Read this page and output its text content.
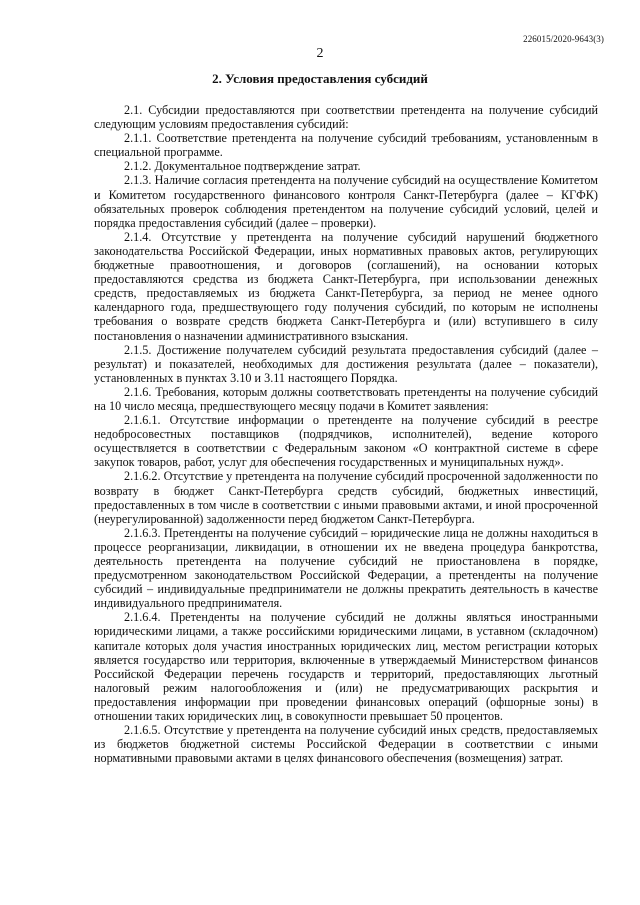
226015/2020-9643(3)
2
2. Условия предоставления субсидий

2.1. Субсидии предоставляются при соответствии претендента на получение субсидий следующим условиям предоставления субсидий:

2.1.1. Соответствие претендента на получение субсидий требованиям, установленным в специальной программе.

2.1.2. Документальное подтверждение затрат.

2.1.3. Наличие согласия претендента на получение субсидий на осуществление Комитетом и Комитетом государственного финансового контроля Санкт-Петербурга (далее – КГФК) обязательных проверок соблюдения претендентом на получение субсидий условий, целей и порядка предоставления субсидий (далее – проверки).

2.1.4. Отсутствие у претендента на получение субсидий нарушений бюджетного законодательства Российской Федерации, иных нормативных правовых актов, регулирующих бюджетные правоотношения, и договоров (соглашений), на основании которых предоставляются средства из бюджета Санкт-Петербурга, при использовании денежных средств, предоставляемых из бюджета Санкт-Петербурга, за период не менее одного календарного года, предшествующего году получения субсидий, по которым не исполнены требования о возврате средств бюджета Санкт-Петербурга и (или) вступившего в силу постановления о назначении административного взыскания.

2.1.5. Достижение получателем субсидий результата предоставления субсидий (далее – результат) и показателей, необходимых для достижения результата (далее – показатели), установленных в пунктах 3.10 и 3.11 настоящего Порядка.

2.1.6. Требования, которым должны соответствовать претенденты на получение субсидий на 10 число месяца, предшествующего месяцу подачи в Комитет заявления:

2.1.6.1. Отсутствие информации о претенденте на получение субсидий в реестре недобросовестных поставщиков (подрядчиков, исполнителей), ведение которого осуществляется в соответствии с Федеральным законом «О контрактной системе в сфере закупок товаров, работ, услуг для обеспечения государственных и муниципальных нужд».

2.1.6.2. Отсутствие у претендента на получение субсидий просроченной задолженности по возврату в бюджет Санкт-Петербурга средств субсидий, бюджетных инвестиций, предоставленных в том числе в соответствии с иными правовыми актами, и иной просроченной (неурегулированной) задолженности перед бюджетом Санкт-Петербурга.

2.1.6.3. Претенденты на получение субсидий – юридические лица не должны находиться в процессе реорганизации, ликвидации, в отношении их не введена процедура банкротства, деятельность претендента на получение субсидий не приостановлена в порядке, предусмотренном законодательством Российской Федерации, а претенденты на получение субсидий – индивидуальные предприниматели не должны прекратить деятельность в качестве индивидуального предпринимателя.

2.1.6.4. Претенденты на получение субсидий не должны являться иностранными юридическими лицами, а также российскими юридическими лицами, в уставном (складочном) капитале которых доля участия иностранных юридических лиц, местом регистрации которых является государство или территория, включенные в утверждаемый Министерством финансов Российской Федерации перечень государств и территорий, предоставляющих льготный налоговый режим налогообложения и (или) не предусматривающих раскрытия и предоставления информации при проведении финансовых операций (офшорные зоны) в отношении таких юридических лиц, в совокупности превышает 50 процентов.

2.1.6.5. Отсутствие у претендента на получение субсидий иных средств, предоставляемых из бюджетов бюджетной системы Российской Федерации в соответствии с иными нормативными правовыми актами в целях финансового обеспечения (возмещения) затрат.
